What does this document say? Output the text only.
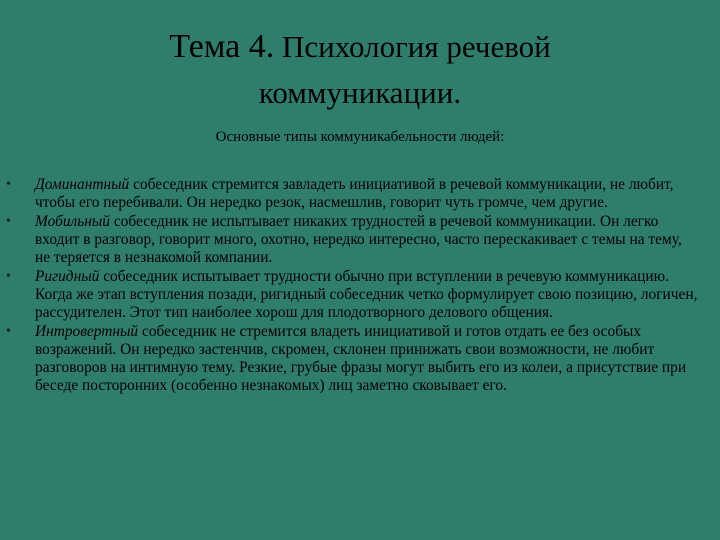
Тема 4. Психология речевой
коммуникации.
Основные типы коммуникабельности людей:
• Доминантный собеседник стремится завладеть инициативой в речевой коммуникации, не любит, чтобы его перебивали. Он нередко резок, насмешлив, говорит чуть громче, чем другие.
• Мобильный собеседник не испытывает никаких трудностей в речевой коммуникации. Он легко входит в разговор, говорит много, охотно, нередко интересно, часто перескакивает с темы на тему, не теряется в незнакомой компании.
• Ригидный собеседник испытывает трудности обычно при вступлении в речевую коммуникацию. Когда же этап вступления позади, ригидный собеседник четко формулирует свою позицию, логичен, рассудителен. Этот тип наиболее хорош для плодотворного делового общения.
• Интровертный собеседник не стремится владеть инициативой и готов отдать ее без особых возражений. Он нередко застенчив, скромен, склонен принижать свои возможности, не любит разговоров на интимную тему. Резкие, грубые фразы могут выбить его из колеи, а присутствие при беседе посторонних (особенно незнакомых) лиц заметно сковывает его.
